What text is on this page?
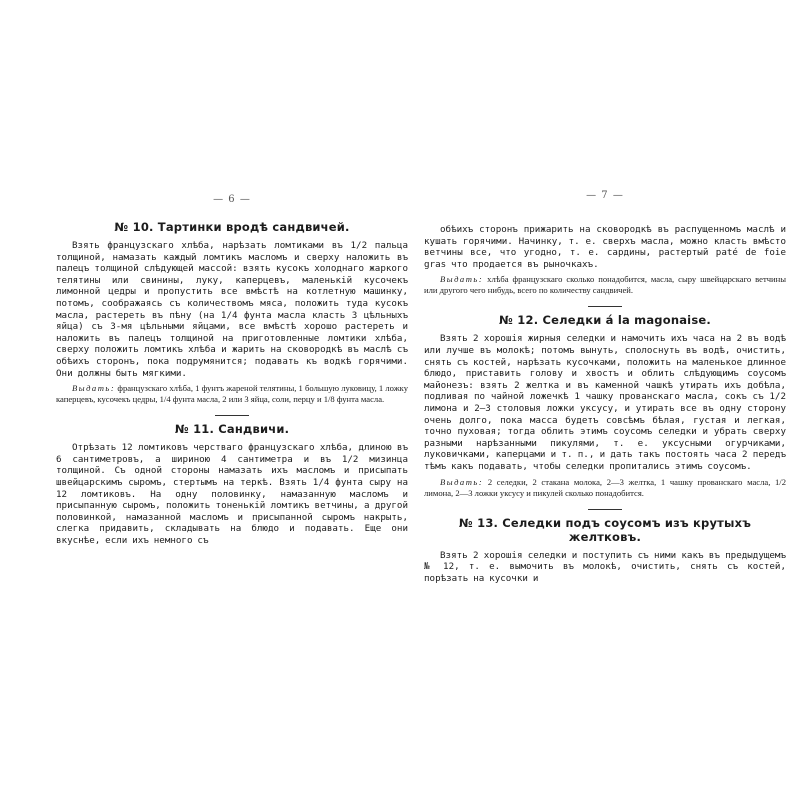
— 6 —
№ 10. Тартинки вродѣ сандвичей.

Взять французскаго хлѣба, нарѣзать ломтиками въ 1/2 пальца толщиной, намазать каждый ломтикъ масломъ и сверху наложить въ палецъ толщиной слѣдующей массой: взять кусокъ холоднаго жаркого телятины или свинины, луку, каперцевъ, маленькій кусочекъ лимонной цедры и пропустить все вмѣстѣ на котлетную машинку, потомъ, соображаясь съ количествомъ мяса, положить туда кусокъ масла, растереть въ пѣну (на 1/4 фунта масла класть 3 цѣльныхъ яйца) съ 3-мя цѣльными яйцами, все вмѣстѣ хорошо растереть и наложить въ палецъ толщиной на приготовленные ломтики хлѣба, сверху положить ломтикъ хлѣба и жарить на сковородкѣ въ маслѣ съ обѣихъ сторонъ, пока подрумянится; подавать къ водкѣ горячими. Они должны быть мягкими.

Выдать: французскаго хлѣба, 1 фунтъ жареной телятины, 1 большую луковицу, 1 ложку каперцевъ, кусочекъ цедры, 1/4 фунта масла, 2 или 3 яйца, соли, перцу и 1/8 фунта масла.

№ 11. Сандвичи.

Отрѣзать 12 ломтиковъ черстваго французскаго хлѣба, длиною въ 6 сантиметровъ, а шириною 4 сантиметра и въ 1/2 мизинца толщиной. Съ одной стороны намазать ихъ масломъ и присыпать швейцарскимъ сыромъ, стертымъ на теркѣ. Взять 1/4 фунта сыру на 12 ломтиковъ. На одну половинку, намазанную масломъ и присыпанную сыромъ, положить тоненькій ломтикъ ветчины, а другой половинкой, намазанной масломъ и присыпанной сыромъ накрыть, слегка придавить, складывать на блюдо и подавать. Еще они вкуснѣе, если ихъ немного съ

— 7 —

обѣихъ сторонъ прижарить на сковородкѣ въ распущенномъ маслѣ и кушать горячими. Начинку, т. е. сверхъ масла, можно класть вмѣсто ветчины все, что угодно, т. е. сардины, растертый paté de foie gras что продается въ рыночкахъ.

Выдать: хлѣба французскаго сколько понадобится, масла, сыру швейцарскаго ветчины или другого чего нибудь, всего по количеству сандвичей.

№ 12. Селедки á la magonaise.

Взять 2 хорошія жирныя селедки и намочить ихъ часа на 2 въ водѣ или лучше въ молокѣ; потомъ вынуть, сполоснуть въ водѣ, очистить, снять съ костей, нарѣзать кусочками, положить на маленькое длинное блюдо, приставить голову и хвостъ и облить слѣдующимъ соусомъ майонезъ: взять 2 желтка и въ каменной чашкѣ утирать ихъ добѣла, подливая по чайной ложечкѣ 1 чашку прованскаго масла, сокъ съ 1/2 лимона и 2—3 столовыя ложки уксусу, и утирать все въ одну сторону очень долго, пока масса будетъ совсѣмъ бѣлая, густая и легкая, точно пуховая; тогда облить этимъ соусомъ селедки и убрать сверху разными нарѣзанными пикулями, т. е. уксусными огурчиками, луковичками, каперцами и т. п., и дать такъ постоять часа 2 передъ тѣмъ какъ подавать, чтобы селедки пропитались этимъ соусомъ.

Выдать: 2 селедки, 2 стакана молока, 2—3 желтка, 1 чашку прованскаго масла, 1/2 лимона, 2—3 ложки уксусу и пикулей сколько понадобится.

№ 13. Селедки подъ соусомъ изъ крутыхъ желтковъ.

Взять 2 хорошія селедки и поступить съ ними какъ въ предыдущемъ № 12, т. е. вымочить въ молокѣ, очистить, снять съ костей, порѣзать на кусочки и
